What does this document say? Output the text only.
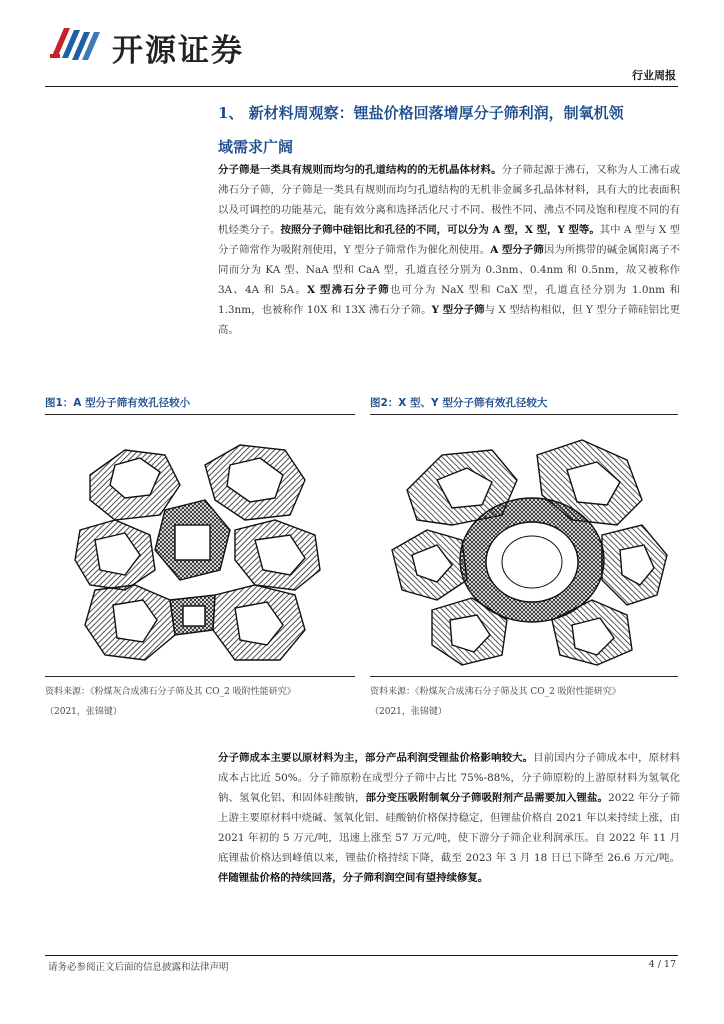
开源证券
行业周报
1、 新材料周观察：锂盐价格回落增厚分子筛利润，制氧机领
域需求广阔
分子筛是一类具有规则而均匀的孔道结构的的无机晶体材料。分子筛起源于沸石，又称为人工沸石或沸石分子筛，分子筛是一类具有规则而均匀孔道结构的无机非金属多孔晶体材料，具有大的比表面积以及可调控的功能基元，能有效分离和选择活化尺寸不同、极性不同、沸点不同及饱和程度不同的有机烃类分子。按照分子筛中硅铝比和孔径的不同，可以分为 A 型，X 型，Y 型等。其中 A 型与 X 型分子筛常作为吸附剂使用，Y 型分子筛常作为催化剂使用。A 型分子筛因为所携带的碱金属阳离子不同而分为 KA 型、NaA 型和 CaA 型，孔道直径分别为 0.3nm、0.4nm 和 0.5nm，故又被称作 3A、4A 和 5A。X 型沸石分子筛也可分为 NaX 型和 CaX 型，孔道直径分别为 1.0nm 和 1.3nm，也被称作 10X 和 13X 沸石分子筛。Y 型分子筛与 X 型结构相似，但 Y 型分子筛硅铝比更高。
图1：A 型分子筛有效孔径较小
资料来源：《粉煤灰合成沸石分子筛及其 CO_2 吸附性能研究》
（2021，张锦键）
图2：X 型、Y 型分子筛有效孔径较大
资料来源：《粉煤灰合成沸石分子筛及其 CO_2 吸附性能研究》
（2021，张锦键）
分子筛成本主要以原材料为主，部分产品利润受锂盐价格影响较大。目前国内分子筛成本中，原材料成本占比近 50%。分子筛原粉在成型分子筛中占比 75%-88%，分子筛原粉的上游原材料为氢氧化钠、氢氧化铝、和固体硅酸钠，部分变压吸附制氧分子筛吸附剂产品需要加入锂盐。2022 年分子筛上游主要原材料中烧碱、氢氧化铝、硅酸钠价格保持稳定，但锂盐价格自 2021 年以来持续上涨，由 2021 年初的 5 万元/吨，迅速上涨至 57 万元/吨，使下游分子筛企业利润承压。自 2022 年 11 月底锂盐价格达到峰值以来，锂盐价格持续下降，截至 2023 年 3 月 18 日已下降至 26.6 万元/吨。伴随锂盐价格的持续回落，分子筛利润空间有望持续修复。
请务必参阅正文后面的信息披露和法律声明	4 / 17
